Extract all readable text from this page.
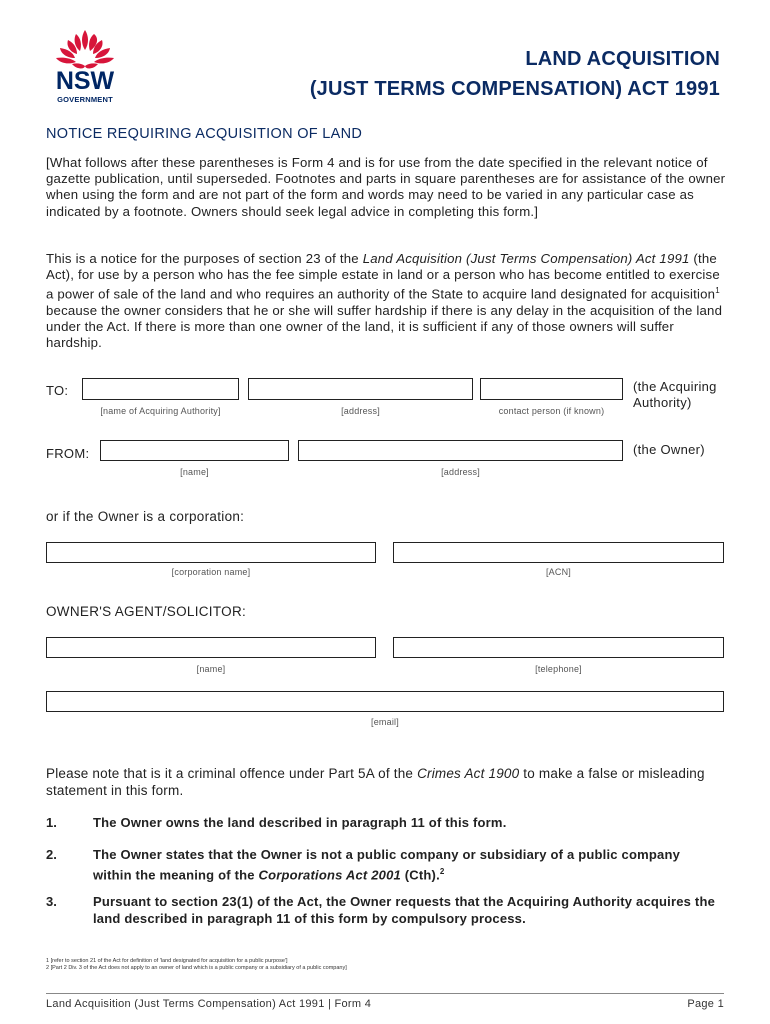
NSW
GOVERNMENT
LAND ACQUISITION
(JUST TERMS COMPENSATION) ACT 1991
NOTICE REQUIRING ACQUISITION OF LAND
[What follows after these parentheses is Form 4 and is for use from the date specified in the relevant notice of gazette publication, until superseded. Footnotes and parts in square parentheses are for assistance of the owner when using the form and are not part of the form and words may need to be varied in any particular case as indicated by a footnote. Owners should seek legal advice in completing this form.]
This is a notice for the purposes of section 23 of the Land Acquisition (Just Terms Compensation) Act 1991 (the Act), for use by a person who has the fee simple estate in land or a person who has become entitled to exercise a power of sale of the land and who requires an authority of the State to acquire land designated for acquisition$^1$ because the owner considers that he or she will suffer hardship if there is any delay in the acquisition of the land under the Act. If there is more than one owner of the land, it is sufficient if any of those owners will suffer hardship.
TO:
[name of Acquiring Authority]	[address]	contact person (if known)
(the Acquiring
Authority)
FROM:
[name]	[address]
(the Owner)
or if the Owner is a corporation:
[corporation name]	[ACN]
OWNER'S AGENT/SOLICITOR:
[name]	[telephone]
[email]
Please note that is it a criminal offence under Part 5A of the Crimes Act 1900 to make a false or misleading statement in this form.
1.	The Owner owns the land described in paragraph 11 of this form.
2.	The Owner states that the Owner is not a public company or subsidiary of a public company within the meaning of the Corporations Act 2001 (Cth).$^2$
3.	Pursuant to section 23(1) of the Act, the Owner requests that the Acquiring Authority acquires the land described in paragraph 11 of this form by compulsory process.
1 [refer to section 21 of the Act for definition of 'land designated for acquisition for a public purpose']
2 [Part 2 Div. 3 of the Act does not apply to an owner of land which is a public company or a subsidiary of a public company]
Land Acquisition (Just Terms Compensation) Act 1991 | Form 4	Page 1
